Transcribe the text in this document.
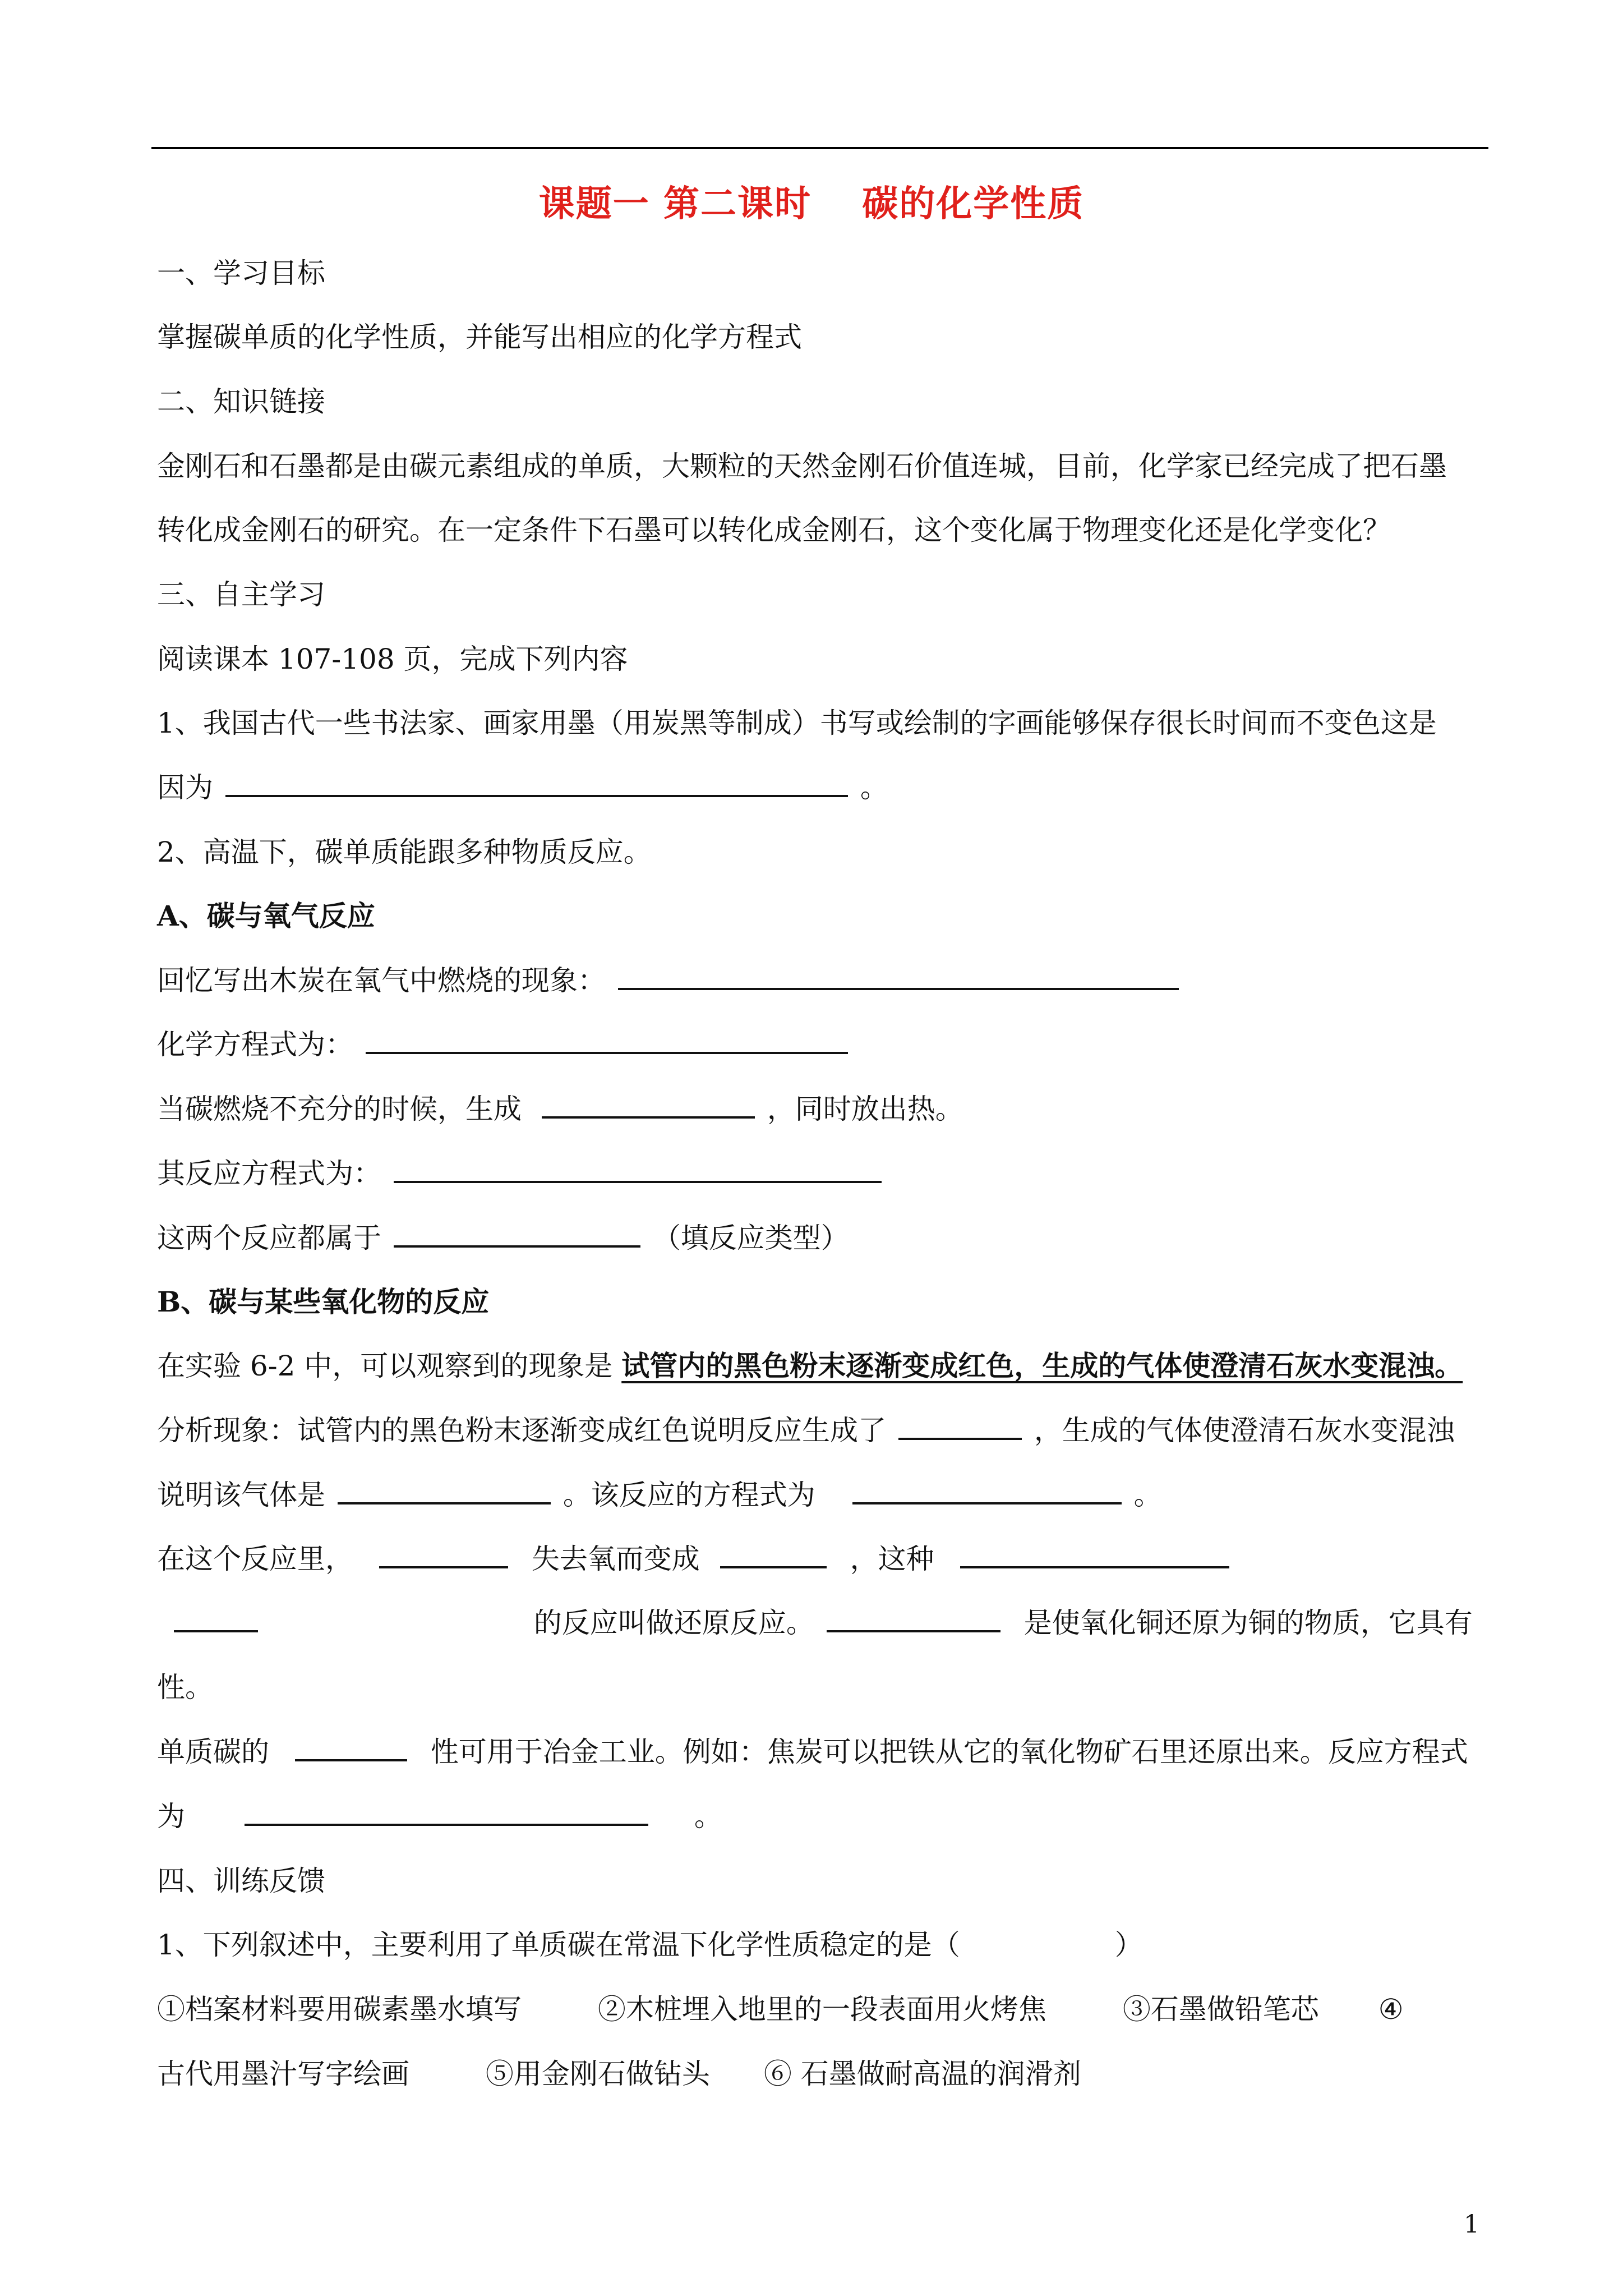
课题一 第二课时 　碳的化学性质
一、学习目标
掌握碳单质的化学性质，并能写出相应的化学方程式
二、知识链接
金刚石和石墨都是由碳元素组成的单质，大颗粒的天然金刚石价值连城，目前，化学家已经完成了把石墨
转化成金刚石的研究。在一定条件下石墨可以转化成金刚石，这个变化属于物理变化还是化学变化？
三、自主学习
阅读课本 107-108 页，完成下列内容
1、我国古代一些书法家、画家用墨（用炭黑等制成）书写或绘制的字画能够保存很长时间而不变色这是
因为	。
2、高温下，碳单质能跟多种物质反应。
A、碳与氧气反应
回忆写出木炭在氧气中燃烧的现象：
化学方程式为：
当碳燃烧不充分的时候，生成	，同时放出热。
其反应方程式为：
这两个反应都属于	（填反应类型）
B、碳与某些氧化物的反应
在实验 6-2 中，可以观察到的现象是 试管内的黑色粉末逐渐变成红色，生成的气体使澄清石灰水变混浊。
分析现象：试管内的黑色粉末逐渐变成红色说明反应生成了	，生成的气体使澄清石灰水变混浊
说明该气体是	。该反应的方程式为	。
在这个反应里，	失去氧而变成	，这种
的反应叫做还原反应。	是使氧化铜还原为铜的物质，它具有
性。
单质碳的	性可用于冶金工业。例如：焦炭可以把铁从它的氧化物矿石里还原出来。反应方程式
为	。
四、训练反馈
1、下列叙述中，主要利用了单质碳在常温下化学性质稳定的是（	）
①档案材料要用碳素墨水填写	②木桩埋入地里的一段表面用火烤焦	③石墨做铅笔芯 ④
古代用墨汁写字绘画	⑤用金刚石做钻头 ⑥ 石墨做耐高温的润滑剂
1
